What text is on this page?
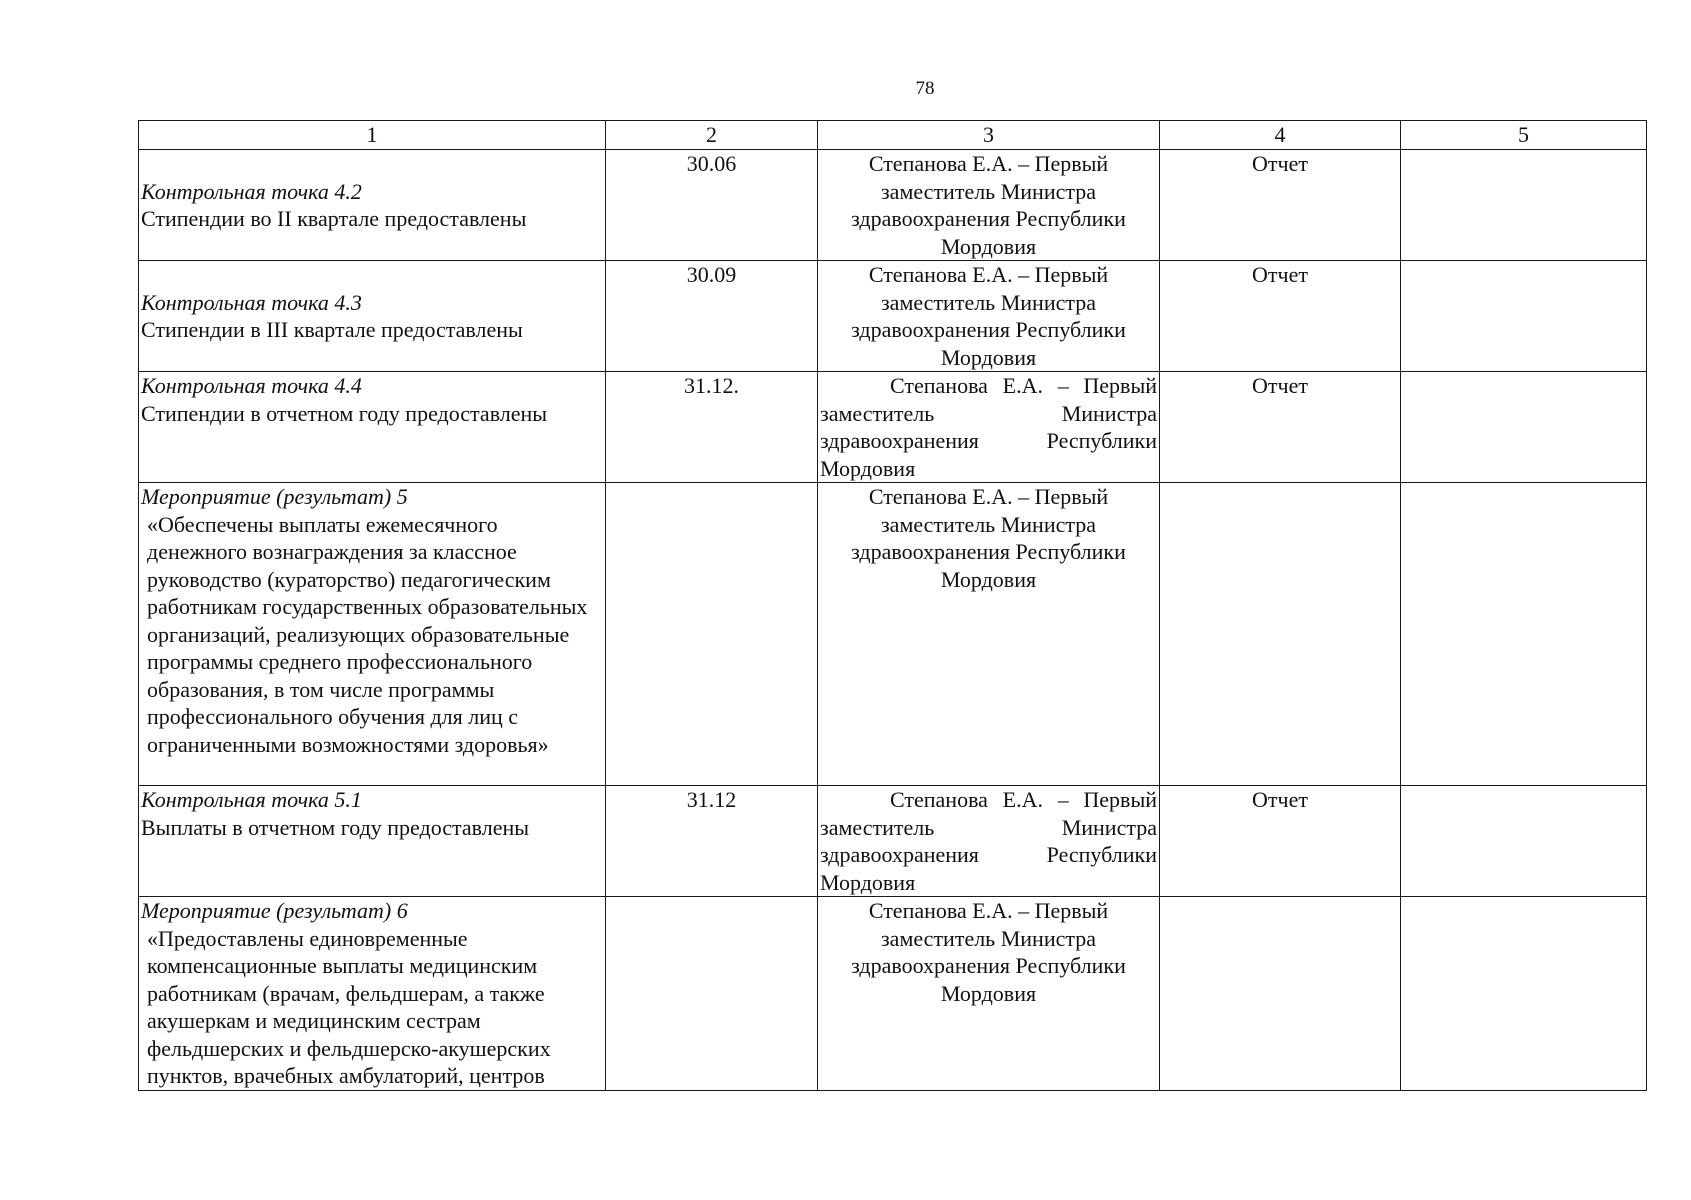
78
1	2	3	4	5

Контрольная точка 4.2
Стипендии во II квартале предоставлены	30.06	Степанова Е.А. – Первый заместитель Министра здравоохранения Республики Мордовия	Отчет	

Контрольная точка 4.3
Стипендии в III квартале предоставлены	30.09	Степанова Е.А. – Первый заместитель Министра здравоохранения Республики Мордовия	Отчет	

Контрольная точка 4.4
Стипендии в отчетном году предоставлены	31.12.	Степанова Е.А. – Первый заместитель Министра здравоохранения Республики Мордовия	Отчет	

Мероприятие (результат) 5
«Обеспечены выплаты ежемесячного денежного вознаграждения за классное руководство (кураторство) педагогическим работникам государственных образовательных организаций, реализующих образовательные программы среднего профессионального образования, в том числе программы профессионального обучения для лиц с ограниченными возможностями здоровья»		Степанова Е.А. – Первый заместитель Министра здравоохранения Республики Мордовия		

Контрольная точка 5.1
Выплаты в отчетном году предоставлены	31.12	Степанова Е.А. – Первый заместитель Министра здравоохранения Республики Мордовия	Отчет	

Мероприятие (результат) 6
«Предоставлены единовременные компенсационные выплаты медицинским работникам (врачам, фельдшерам, а также акушеркам и медицинским сестрам фельдшерских и фельдшерско-акушерских пунктов, врачебных амбулаторий, центров		Степанова Е.А. – Первый заместитель Министра здравоохранения Республики Мордовия		
